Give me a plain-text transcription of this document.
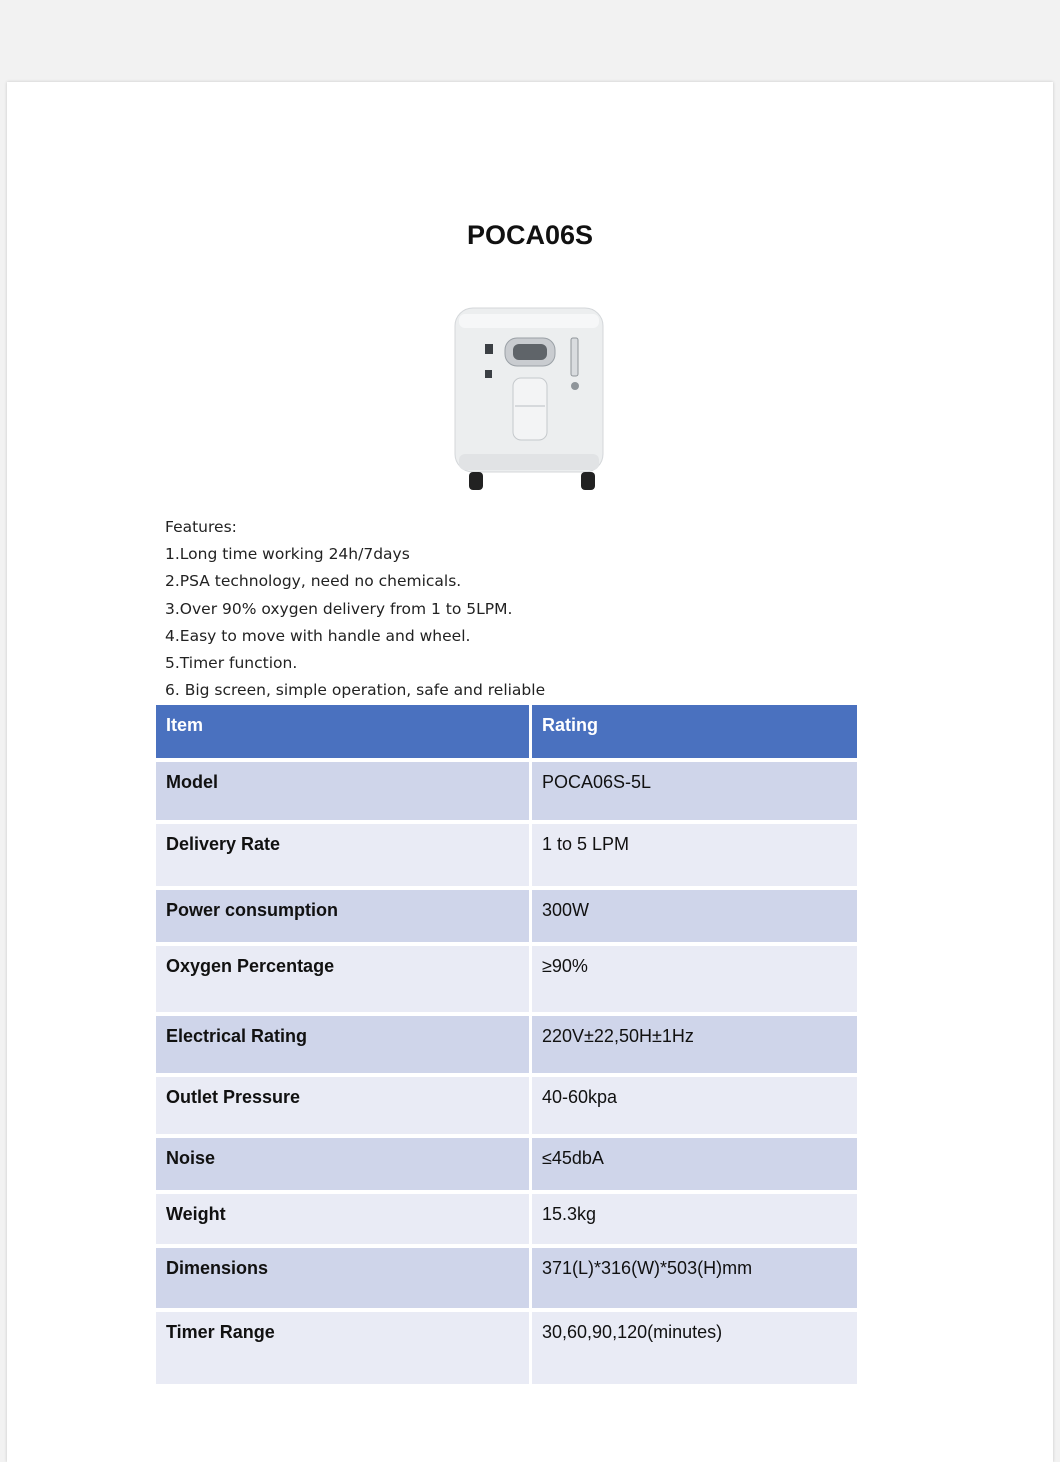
POCA06S
Features:
1.Long time working 24h/7days
2.PSA technology, need no chemicals.
3.Over 90% oxygen delivery from 1 to 5LPM.
4.Easy to move with handle and wheel.
5.Timer function.
6. Big screen, simple operation, safe and reliable
Item	Rating
Model	POCA06S-5L
Delivery Rate	1 to 5 LPM
Power consumption	300W
Oxygen Percentage	≥90%
Electrical Rating	220V±22,50H±1Hz
Outlet Pressure	40-60kpa
Noise	≤45dbA
Weight	15.3kg
Dimensions	371(L)*316(W)*503(H)mm
Timer Range	30,60,90,120(minutes)
